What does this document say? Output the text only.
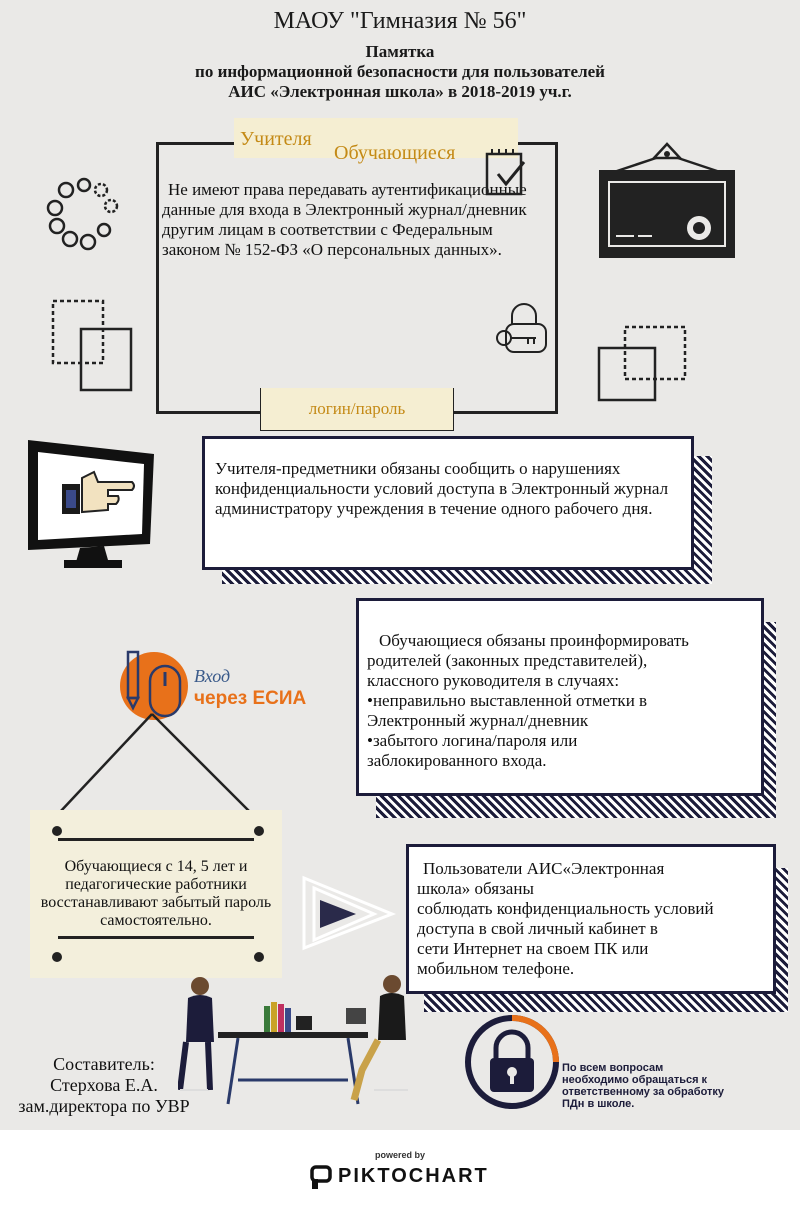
МАОУ "Гимназия № 56"
Памятка
по информационной безопасности для пользователей
АИС «Электронная школа» в 2018-2019 уч.г.
Учителя
Обучающиеся
Не имеют права передавать аутентификационные данные для входа в Электронный журнал/дневник другим лицам в соответствии с Федеральным законом № 152-ФЗ «О персональных данных».
логин/пароль
Учителя-предметники обязаны сообщить о нарушениях конфиденциальности условий доступа в Электронный журнал администратору учреждения в течение одного рабочего дня.
Обучающиеся обязаны проинформировать
родителей (законных представителей),
классного руководителя в случаях:
•неправильно выставленной отметки в
Электронный журнал/дневник
•забытого логина/пароля или
заблокированного входа.
Вход
через ЕСИА
Обучающиеся с 14, 5 лет и педагогические работники восстанавливают забытый пароль самостоятельно.
Пользователи АИС«Электронная
школа» обязаны
соблюдать конфиденциальность условий
доступа в свой личный кабинет в
сети Интернет на своем ПК или
мобильном телефоне.
Составитель:
Стерхова Е.А.
зам.директора по УВР
По всем вопросам необходимо обращаться к ответственному за обработку ПДн в школе.
powered by
PIKTOCHART
